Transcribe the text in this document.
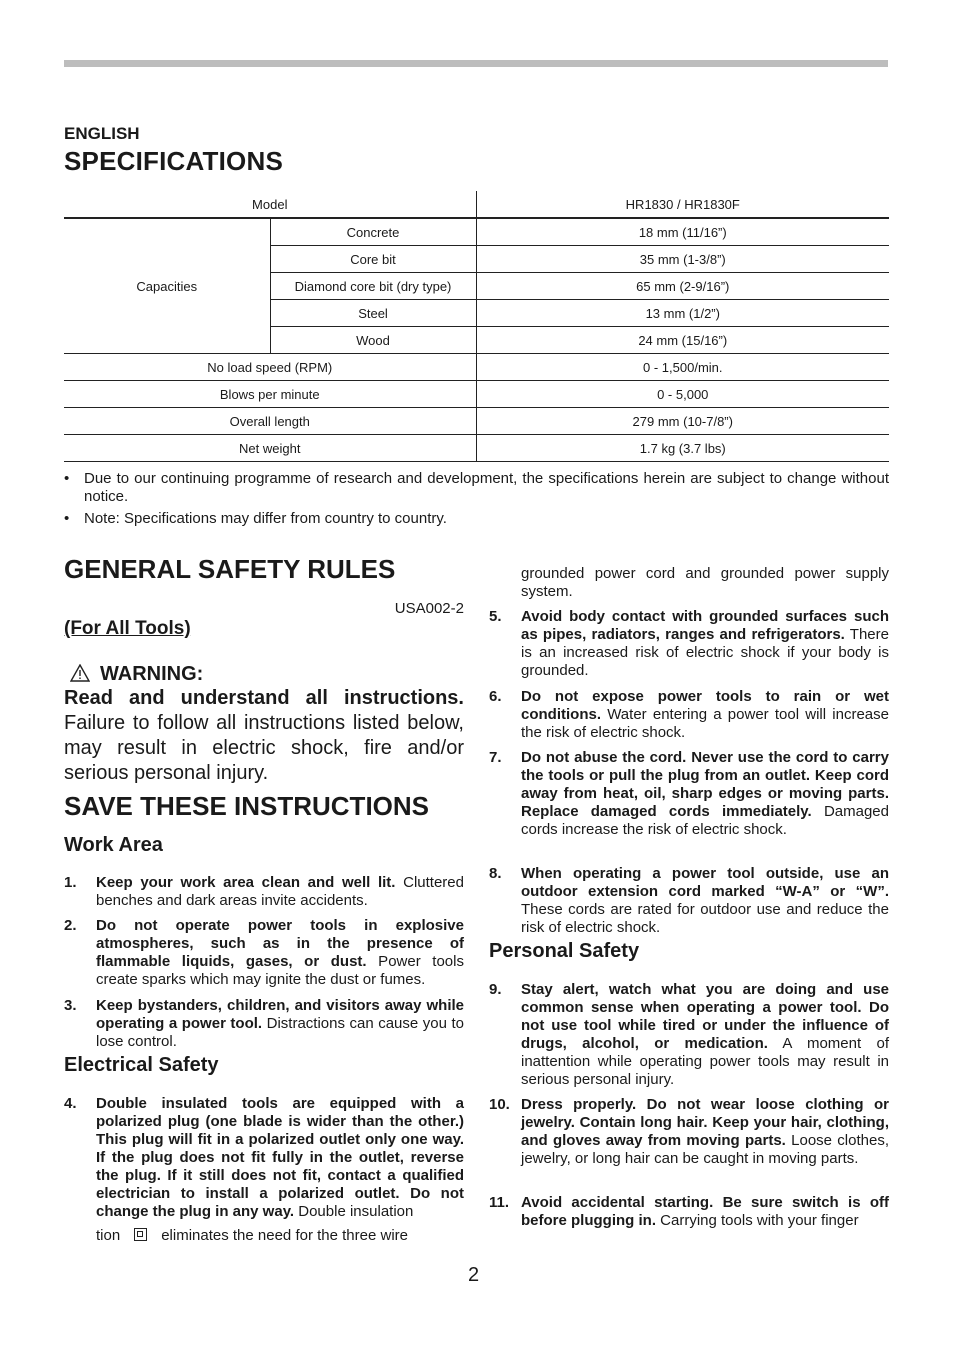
ENGLISH
SPECIFICATIONS
Model		HR1830 / HR1830F
Capacities	Concrete	18 mm (11/16”)
	Core bit	35 mm (1-3/8”)
	Diamond core bit (dry type)	65 mm (2-9/16”)
	Steel	13 mm (1/2”)
	Wood	24 mm (15/16”)
No load speed (RPM)		0 - 1,500/min.
Blows per minute		0 - 5,000
Overall length		279 mm (10-7/8”)
Net weight		1.7 kg (3.7 lbs)
• Due to our continuing programme of research and development, the specifications herein are subject to change without notice.
• Note: Specifications may differ from country to country.
GENERAL SAFETY RULES
USA002-2
(For All Tools)
WARNING:
Read and understand all instructions. Failure to follow all instructions listed below, may result in electric shock, fire and/or serious personal injury.
SAVE THESE INSTRUCTIONS
Work Area
1. Keep your work area clean and well lit. Cluttered benches and dark areas invite accidents.
2. Do not operate power tools in explosive atmospheres, such as in the presence of flammable liquids, gases, or dust. Power tools create sparks which may ignite the dust or fumes.
3. Keep bystanders, children, and visitors away while operating a power tool. Distractions can cause you to lose control.
Electrical Safety
4. Double insulated tools are equipped with a polarized plug (one blade is wider than the other.) This plug will fit in a polarized outlet only one way. If the plug does not fit fully in the outlet, reverse the plug. If it still does not fit, contact a qualified electrician to install a polarized outlet. Do not change the plug in any way. Double insulation
tion	eliminates the need for the three wire
grounded power cord and grounded power supply system.
5. Avoid body contact with grounded surfaces such as pipes, radiators, ranges and refrigerators. There is an increased risk of electric shock if your body is grounded.
6. Do not expose power tools to rain or wet conditions. Water entering a power tool will increase the risk of electric shock.
7. Do not abuse the cord. Never use the cord to carry the tools or pull the plug from an outlet. Keep cord away from heat, oil, sharp edges or moving parts. Replace damaged cords immediately. Damaged cords increase the risk of electric shock.
8. When operating a power tool outside, use an outdoor extension cord marked “W-A” or “W”. These cords are rated for outdoor use and reduce the risk of electric shock.
Personal Safety
9. Stay alert, watch what you are doing and use common sense when operating a power tool. Do not use tool while tired or under the influence of drugs, alcohol, or medication. A moment of inattention while operating power tools may result in serious personal injury.
10. Dress properly. Do not wear loose clothing or jewelry. Contain long hair. Keep your hair, clothing, and gloves away from moving parts. Loose clothes, jewelry, or long hair can be caught in moving parts.
11. Avoid accidental starting. Be sure switch is off before plugging in. Carrying tools with your finger
2
